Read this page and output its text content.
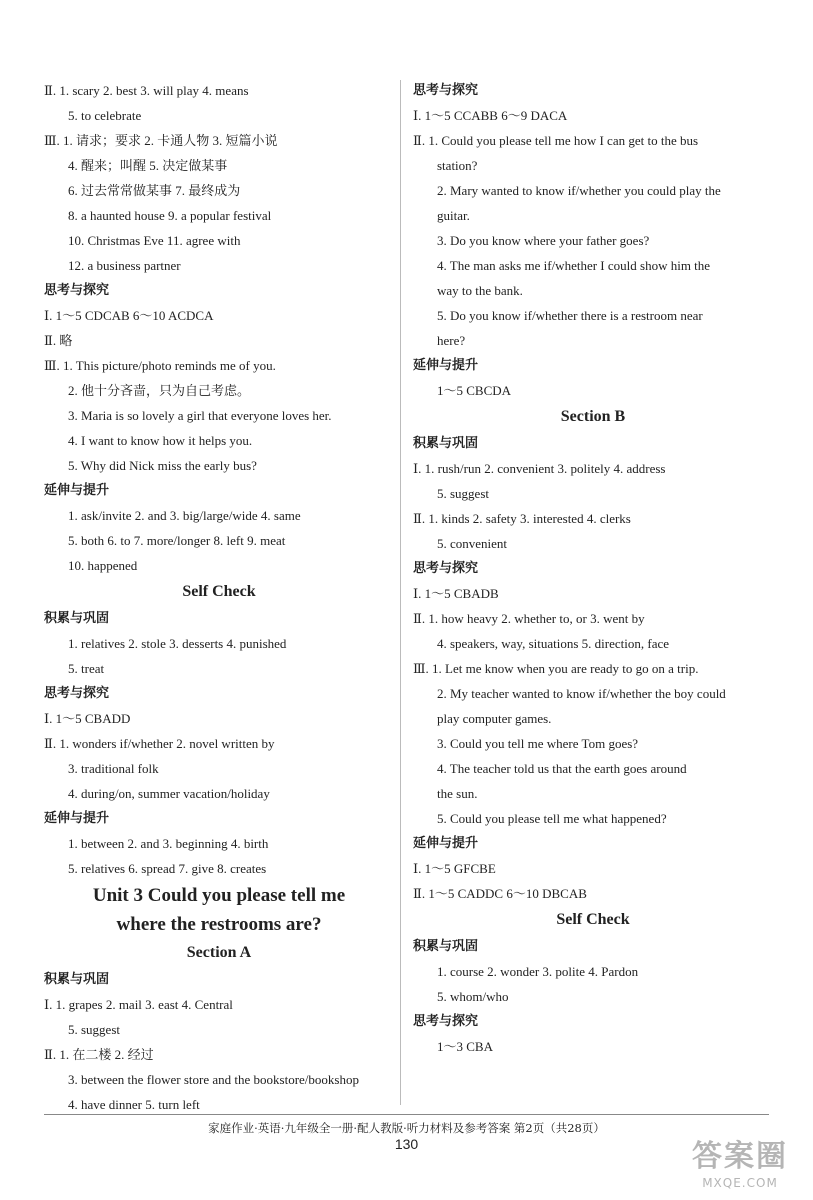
Ⅱ. 1. scary 2. best 3. will play 4. means
5. to celebrate
Ⅲ. 1. 请求；要求 2. 卡通人物 3. 短篇小说
4. 醒来；叫醒 5. 决定做某事
6. 过去常常做某事 7. 最终成为
8. a haunted house 9. a popular festival
10. Christmas Eve 11. agree with
12. a business partner
思考与探究
Ⅰ. 1～5 CDCAB 6～10 ACDCA
Ⅱ. 略
Ⅲ. 1. This picture/photo reminds me of you.
2. 他十分吝啬，只为自己考虑。
3. Maria is so lovely a girl that everyone loves her.
4. I want to know how it helps you.
5. Why did Nick miss the early bus?
延伸与提升
1. ask/invite 2. and 3. big/large/wide 4. same
5. both 6. to 7. more/longer 8. left 9. meat
10. happened
Self Check
积累与巩固
1. relatives 2. stole 3. desserts 4. punished
5. treat
思考与探究
Ⅰ. 1～5 CBADD
Ⅱ. 1. wonders if/whether 2. novel written by
3. traditional folk
4. during/on, summer vacation/holiday
延伸与提升
1. between 2. and 3. beginning 4. birth
5. relatives 6. spread 7. give 8. creates
Unit 3 Could you please tell me
where the restrooms are?
Section A
积累与巩固
Ⅰ. 1. grapes 2. mail 3. east 4. Central
5. suggest
Ⅱ. 1. 在二楼 2. 经过
3. between the flower store and the bookstore/bookshop
4. have dinner 5. turn left
思考与探究
Ⅰ. 1～5 CCABB 6～9 DACA
Ⅱ. 1. Could you please tell me how I can get to the bus
station?
2. Mary wanted to know if/whether you could play the
guitar.
3. Do you know where your father goes?
4. The man asks me if/whether I could show him the
way to the bank.
5. Do you know if/whether there is a restroom near
here?
延伸与提升
1～5 CBCDA
Section B
积累与巩固
Ⅰ. 1. rush/run 2. convenient 3. politely 4. address
5. suggest
Ⅱ. 1. kinds 2. safety 3. interested 4. clerks
5. convenient
思考与探究
Ⅰ. 1～5 CBADB
Ⅱ. 1. how heavy 2. whether to, or 3. went by
4. speakers, way, situations 5. direction, face
Ⅲ. 1. Let me know when you are ready to go on a trip.
2. My teacher wanted to know if/whether the boy could
play computer games.
3. Could you tell me where Tom goes?
4. The teacher told us that the earth goes around
the sun.
5. Could you please tell me what happened?
延伸与提升
Ⅰ. 1～5 GFCBE
Ⅱ. 1～5 CADDC 6～10 DBCAB
Self Check
积累与巩固
1. course 2. wonder 3. polite 4. Pardon
5. whom/who
思考与探究
1～3 CBA
家庭作业·英语·九年级全一册·配人教版·听力材料及参考答案 第2页（共28页）
130	答案圈
MXQE.COM
